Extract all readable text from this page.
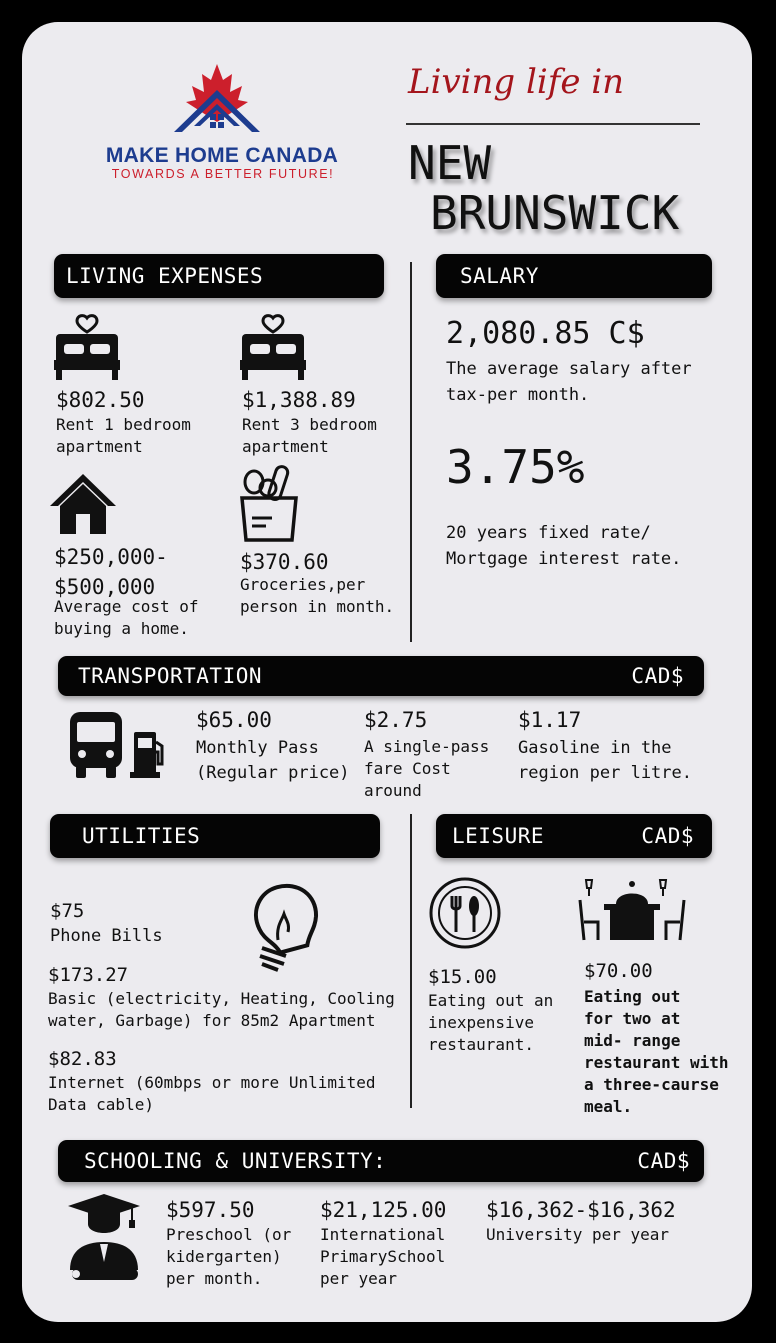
MAKE HOME CANADA
TOWARDS A BETTER FUTURE!
Living life in
NEW
BRUNSWICK
LIVING EXPENSES
$802.50
Rent 1 bedroom
apartment
$1,388.89
Rent 3 bedroom
apartment
$250,000-
$500,000
Average cost of
buying a home.
$370.60
Groceries,per
person in month.
SALARY
2,080.85 C$
The average salary after
tax-per month.
3.75%
20 years fixed rate/
Mortgage interest rate.
TRANSPORTATION	CAD$
$65.00
Monthly Pass
(Regular price)
$2.75
A single-pass
fare Cost
around
$1.17
Gasoline in the
region per litre.
UTILITIES
$75
Phone Bills
$173.27
Basic (electricity, Heating, Cooling
water, Garbage) for 85m2 Apartment
$82.83
Internet (60mbps or more Unlimited
Data cable)
LEISURE	CAD$
$15.00
Eating out an
inexpensive
restaurant.
$70.00
Eating out
for two at
mid- range
restaurant with
a three-caurse
meal.
SCHOOLING & UNIVERSITY:	CAD$
$597.50
Preschool (or
kidergarten)
per month.
$21,125.00
International
PrimarySchool
per year
$16,362-$16,362
University per year
